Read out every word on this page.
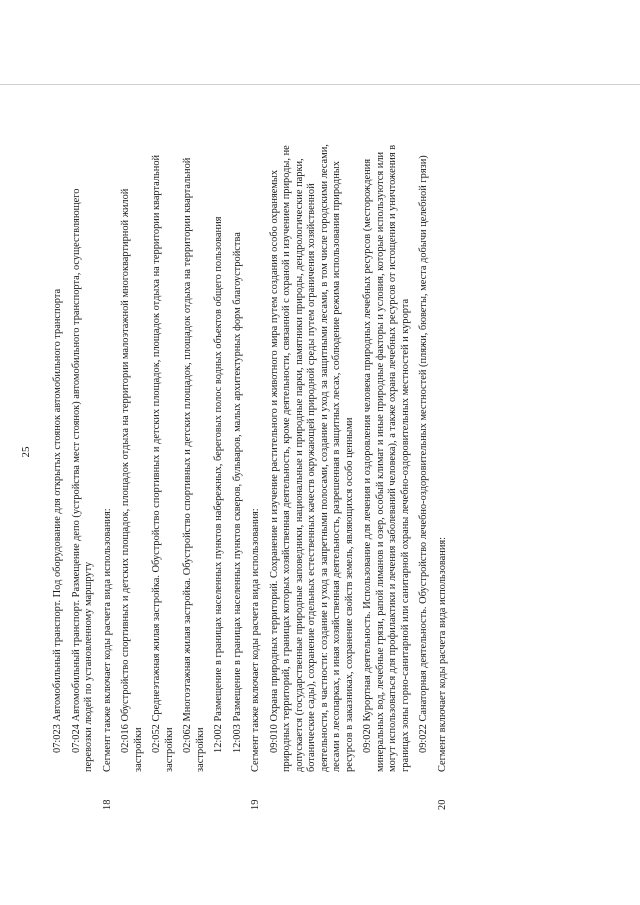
25 07:023 Автомобильный транспорт. Под оборудование для открытых стоянок автомобильного транспорта 07:024 Автомобильный транспорт. Размещение депо (устройства мест стоянок) автомобильного транспорта, осуществляющего перевозки людей по установленному маршруту
18
Сегмент также включает коды расчета вида использования: 02:016 Обустройство спортивных и детских площадок, площадок отдыха на территории малоэтажной многоквартирной жилой застройки 02:052 Среднеэтажная жилая застройка. Обустройство спортивных и детских площадок, площадок отдыха на территории квартальной застройки 02:062 Многоэтажная жилая застройка. Обустройство спортивных и детских площадок, площадок отдыха на территории квартальной застройки 12:002 Размещение в границах населенных пунктов набережных, береговых полос водных объектов общего пользования 12:003 Размещение в границах населенных пунктов скверов, бульваров, малых архитектурных форм благоустройства
19
Сегмент также включает коды расчета вида использования: 09:010 Охрана природных территорий. Сохранение и изучение растительного и животного мира путем создания особо охраняемых природных территорий, в границах которых хозяйственная деятельность, кроме деятельности, связанной с охраной и изучением природы, не допускается (государственные природные заповедники, национальные и природные парки, памятники природы, дендрологические парки, ботанические сады), сохранение отдельных естественных качеств окружающей природной среды путем ограничения хозяйственной деятельности, в частности: создание и уход за запретными полосами, создание и уход за защитными лесами, в том числе городскими лесами, лесами в лесопарках, и иная хозяйственная деятельность, разрешенная в защитных лесах, соблюдение режима использования природных ресурсов в заказниках, сохранение свойств земель, являющихся особо ценными 09:020 Курортная деятельность. Использование для лечения и оздоровления человека природных лечебных ресурсов (месторождения минеральных вод, лечебные грязи, рапой лиманов и озер, особый климат и иные природные факторы и условия, которые используются или могут использоваться для профилактики и лечения заболеваний человека), а также охрана лечебных ресурсов от истощения и уничтожения в границах зоны горно-санитарной или санитарной охраны лечебно-оздоровительных местностей и курорта 09:022 Санаторная деятельность. Обустройство лечебно-оздоровительных местностей (пляжи, бюветы, места добычи целебной грязи)
20
Сегмент включает коды расчета вида использования:
